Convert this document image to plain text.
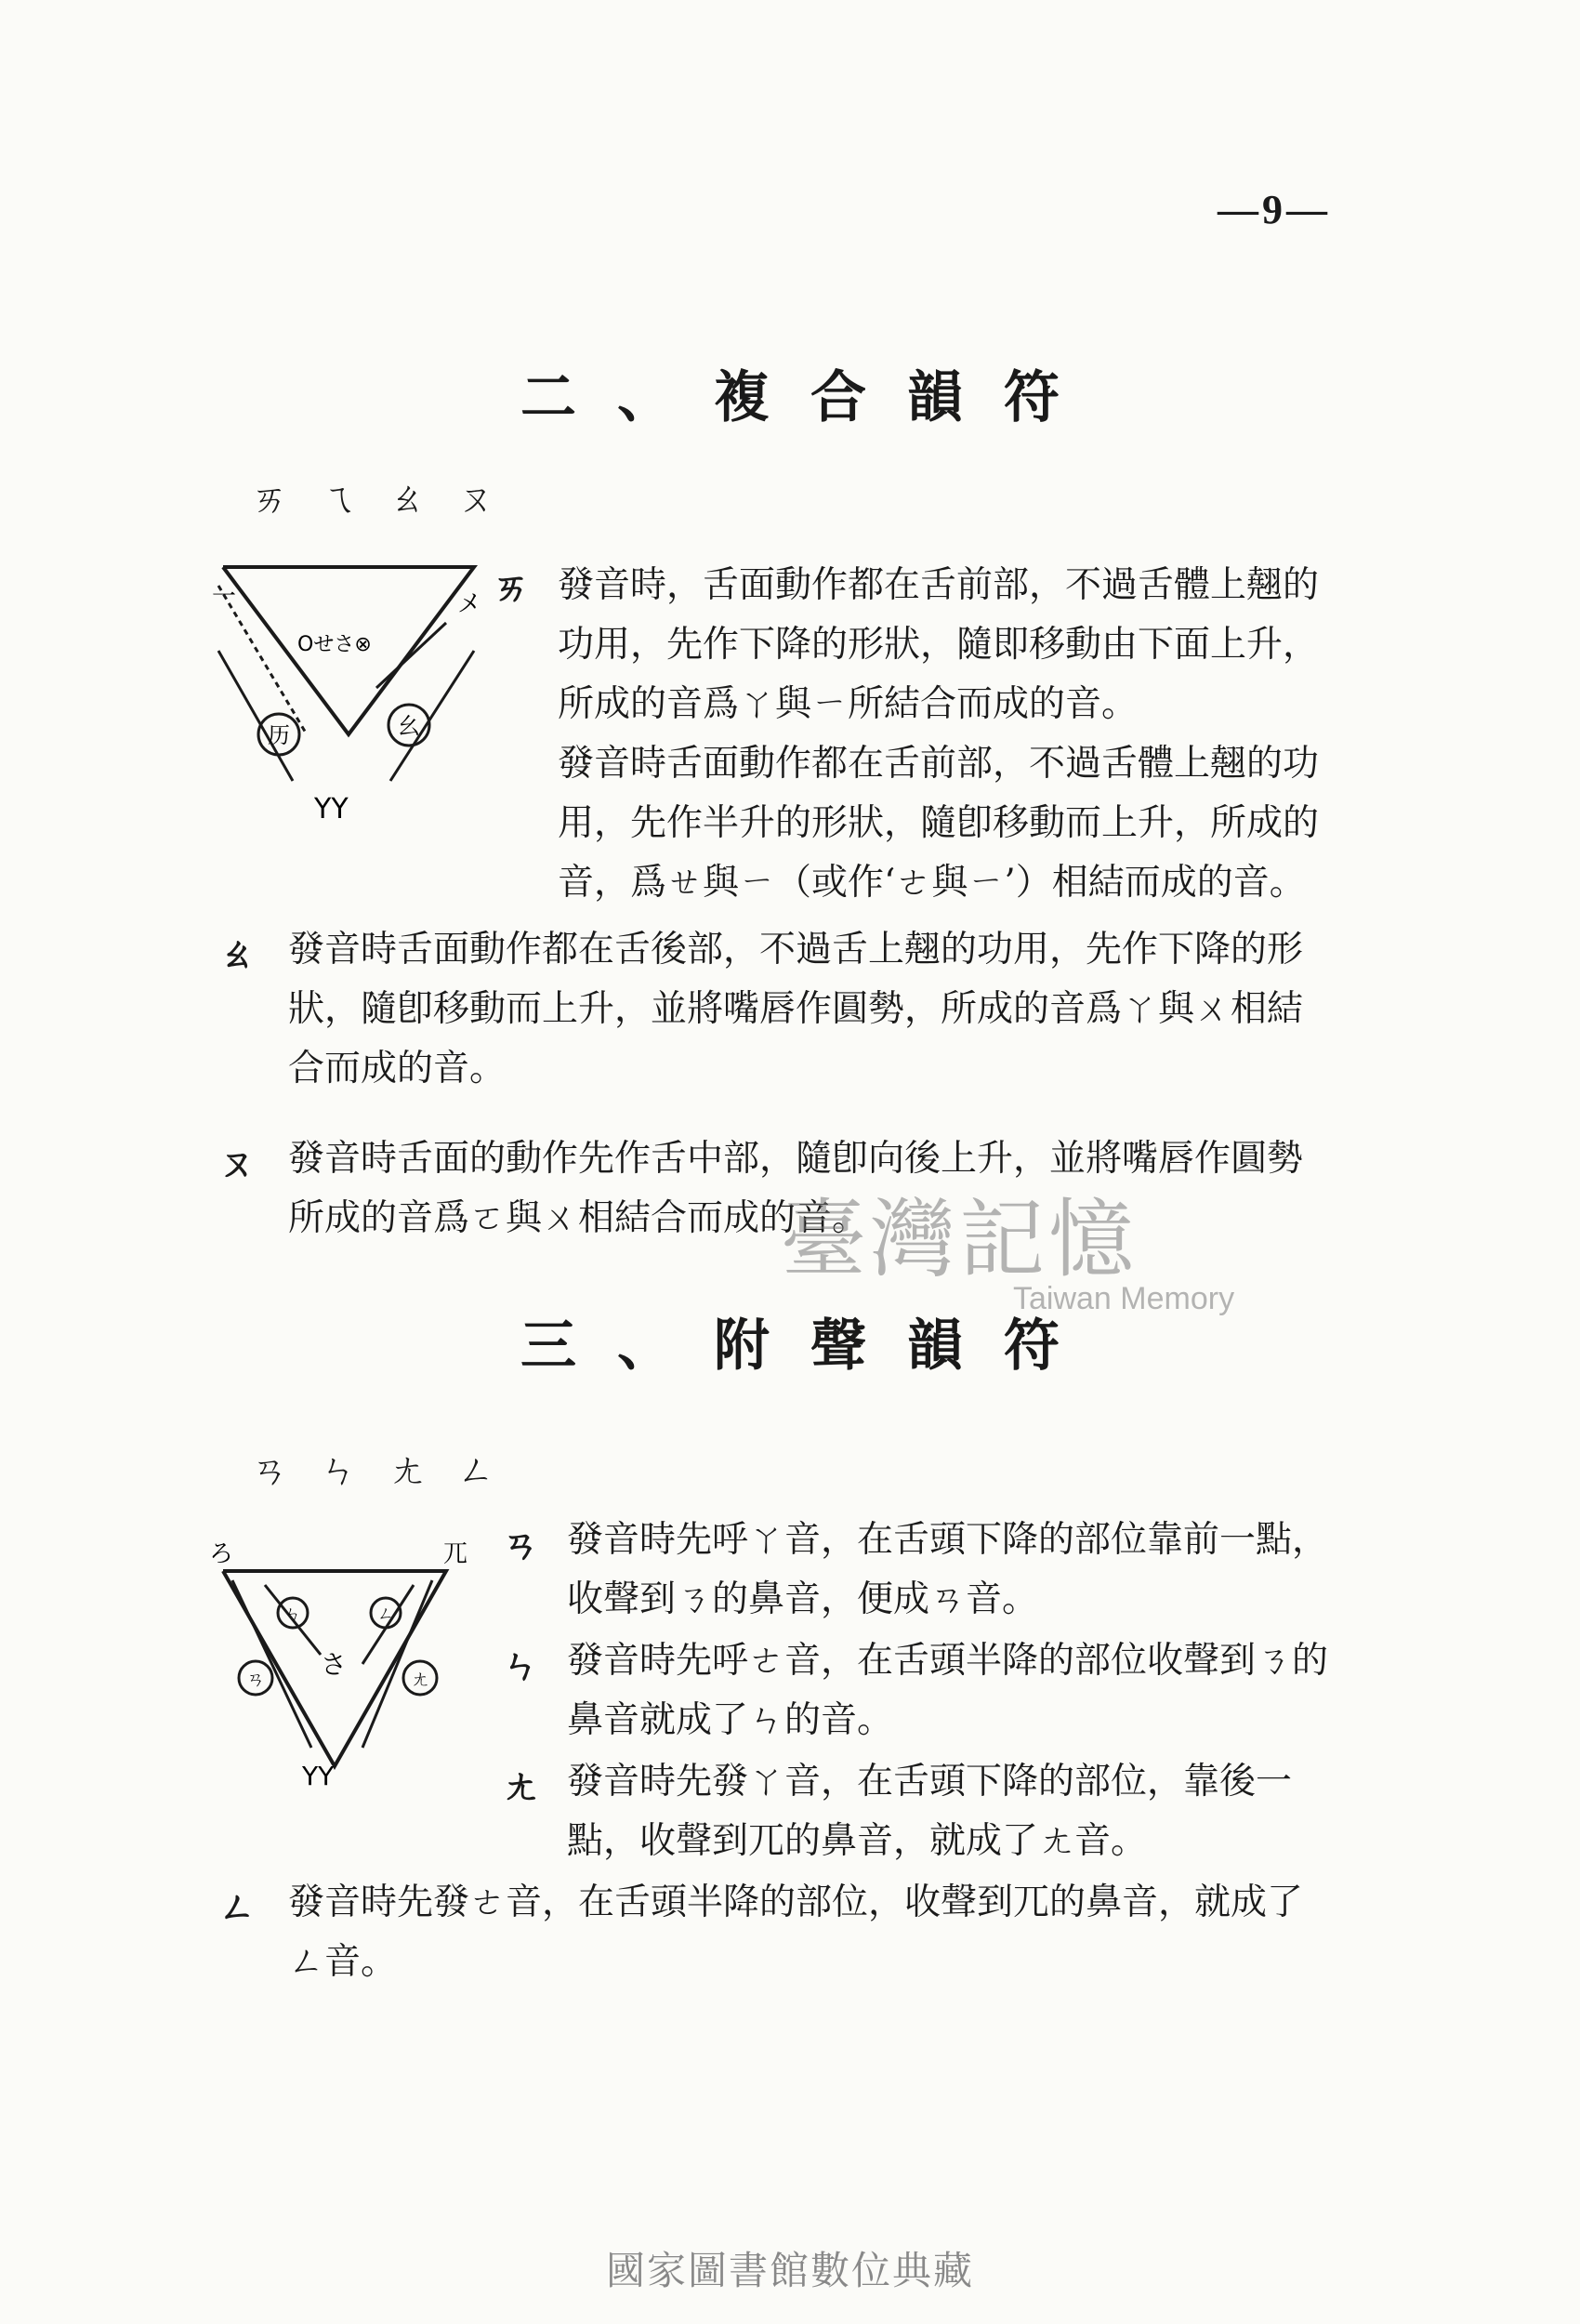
—9—
二、複合韻符
ㄞㄟㄠㄡ
一	メ
Oせさ⊗
历	幺
YY
ㄞ 發音時，舌面動作都在舌前部，不過舌體上翹的功用，先作下降的形狀，隨即移動由下面上升，所成的音爲ㄚ與ㄧ所結合而成的音。
發音時舌面動作都在舌前部，不過舌體上翹的功用，先作半升的形狀，隨卽移動而上升，所成的音，爲ㄝ與ㄧ（或作‘ㄜ與ㄧ’）相結而成的音。
ㄠ 發音時舌面動作都在舌後部，不過舌上翹的功用，先作下降的形狀，隨卽移動而上升，並將嘴唇作圓勢，所成的音爲ㄚ與ㄨ相結合而成的音。
ㄡ 發音時舌面的動作先作舌中部，隨卽向後上升，並將嘴唇作圓勢所成的音爲ㄛ與ㄨ相結合而成的音。
臺灣記憶
Taiwan Memory
三、附聲韻符
ㄢㄣㄤㄥ
ろ	兀
さ
ㄢ
ㄣ	ㄥ
ㄤ
YY
ㄢ 發音時先呼ㄚ音，在舌頭下降的部位靠前一點，收聲到ㄋ的鼻音，便成ㄢ音。
ㄣ 發音時先呼ㄜ音，在舌頭半降的部位收聲到ㄋ的鼻音就成了ㄣ的音。
ㄤ 發音時先發ㄚ音，在舌頭下降的部位，靠後一點，收聲到兀的鼻音，就成了ㄤ音。
ㄥ 發音時先發ㄜ音，在舌頭半降的部位，收聲到兀的鼻音，就成了ㄥ音。
國家圖書館數位典藏
